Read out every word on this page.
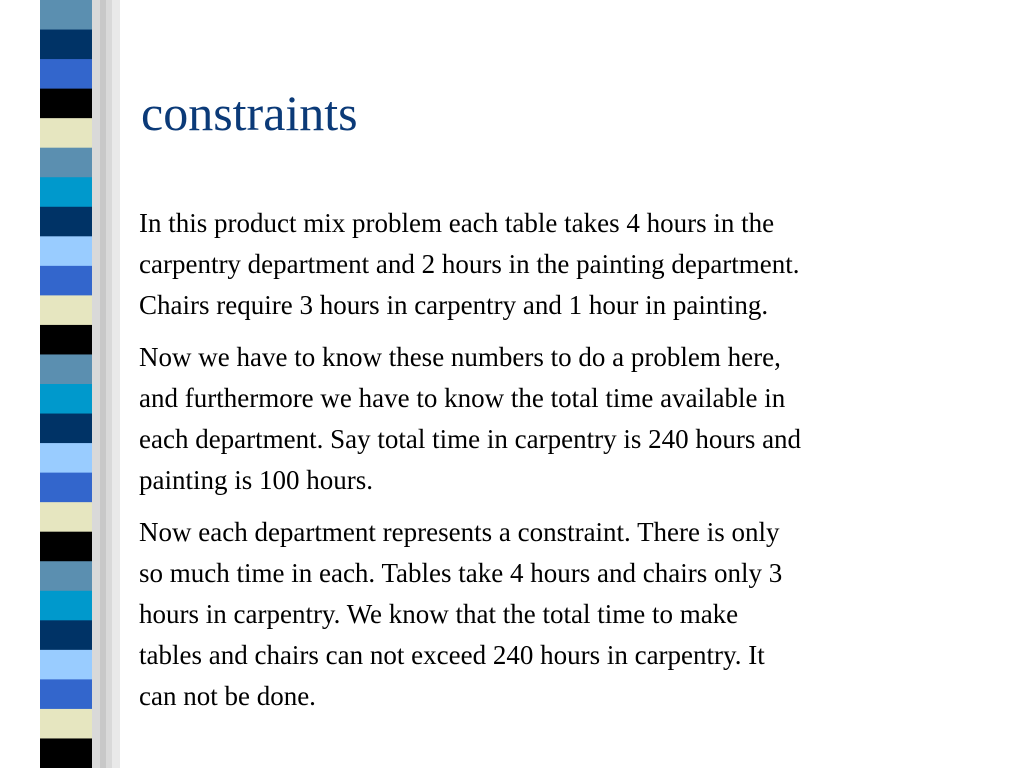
constraints

In this product mix problem each table takes 4 hours in the
carpentry department and 2 hours in the painting department.
Chairs require 3 hours in carpentry and 1 hour in painting.

Now we have to know these numbers to do a problem here,
and furthermore we have to know the total time available in
each department. Say total time in carpentry is 240 hours and
painting is 100 hours.

Now each department represents a constraint. There is only
so much time in each. Tables take 4 hours and chairs only 3
hours in carpentry. We know that the total time to make
tables and chairs can not exceed 240 hours in carpentry. It
can not be done.
